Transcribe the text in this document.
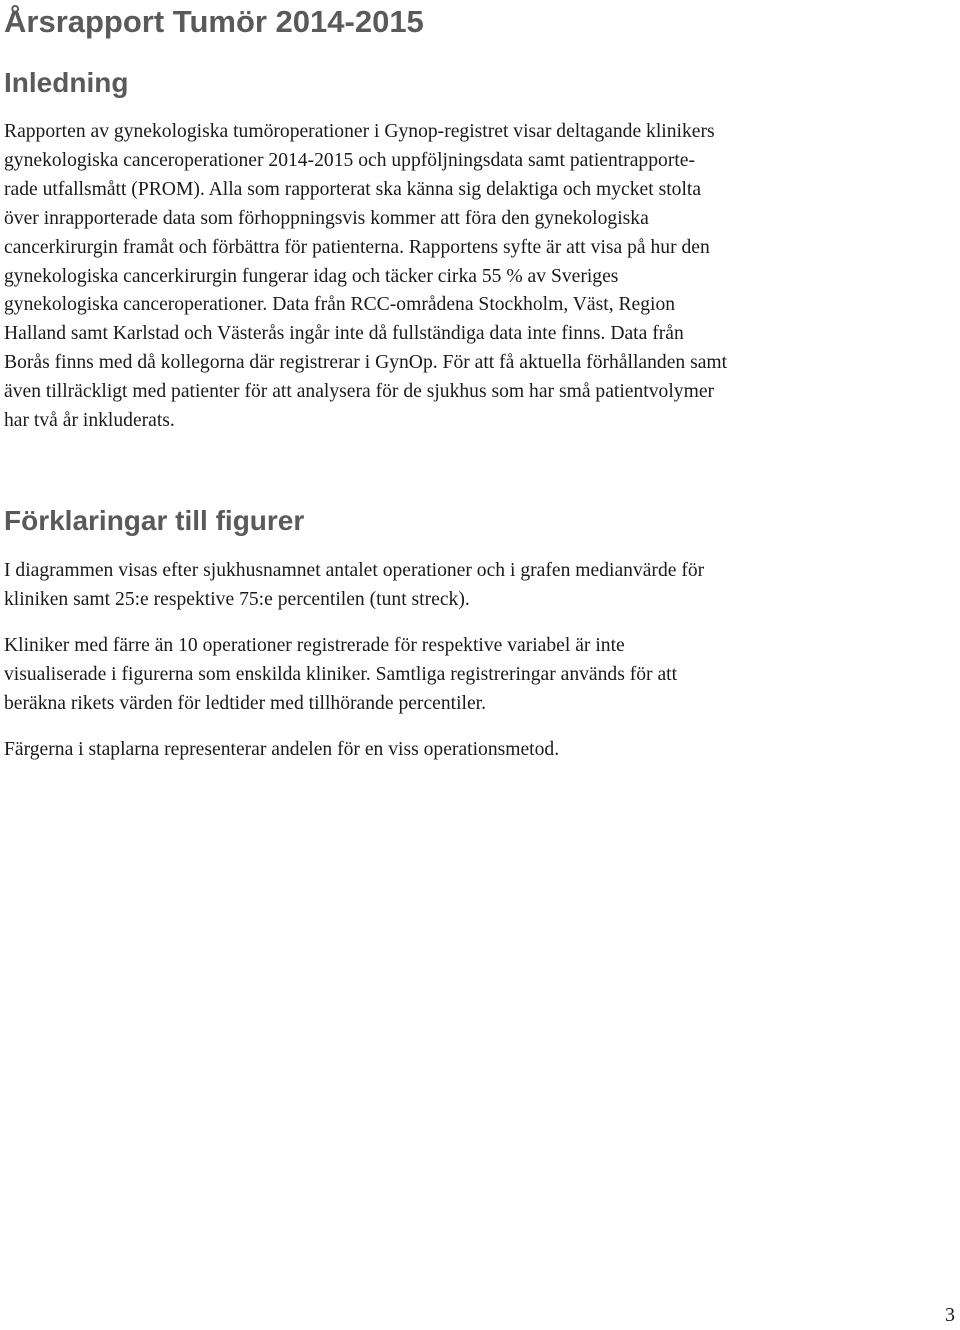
Årsrapport Tumör 2014-2015
Inledning

Rapporten av gynekologiska tumöroperationer i Gynop-registret visar deltagande klinikers
gynekologiska canceroperationer 2014-2015 och uppföljningsdata samt patientrapporte-
rade utfallsmått (PROM). Alla som rapporterat ska känna sig delaktiga och mycket stolta
över inrapporterade data som förhoppningsvis kommer att föra den gynekologiska
cancerkirurgin framåt och förbättra för patienterna. Rapportens syfte är att visa på hur den
gynekologiska cancerkirurgin fungerar idag och täcker cirka 55 % av Sveriges
gynekologiska canceroperationer. Data från RCC-områdena Stockholm, Väst, Region
Halland samt Karlstad och Västerås ingår inte då fullständiga data inte finns. Data från
Borås finns med då kollegorna där registrerar i GynOp. För att få aktuella förhållanden samt
även tillräckligt med patienter för att analysera för de sjukhus som har små patientvolymer
har två år inkluderats.

Förklaringar till figurer

I diagrammen visas efter sjukhusnamnet antalet operationer och i grafen medianvärde för
kliniken samt 25:e respektive 75:e percentilen (tunt streck).

Kliniker med färre än 10 operationer registrerade för respektive variabel är inte
visualiserade i figurerna som enskilda kliniker. Samtliga registreringar används för att
beräkna rikets värden för ledtider med tillhörande percentiler.

Färgerna i staplarna representerar andelen för en viss operationsmetod.

3
